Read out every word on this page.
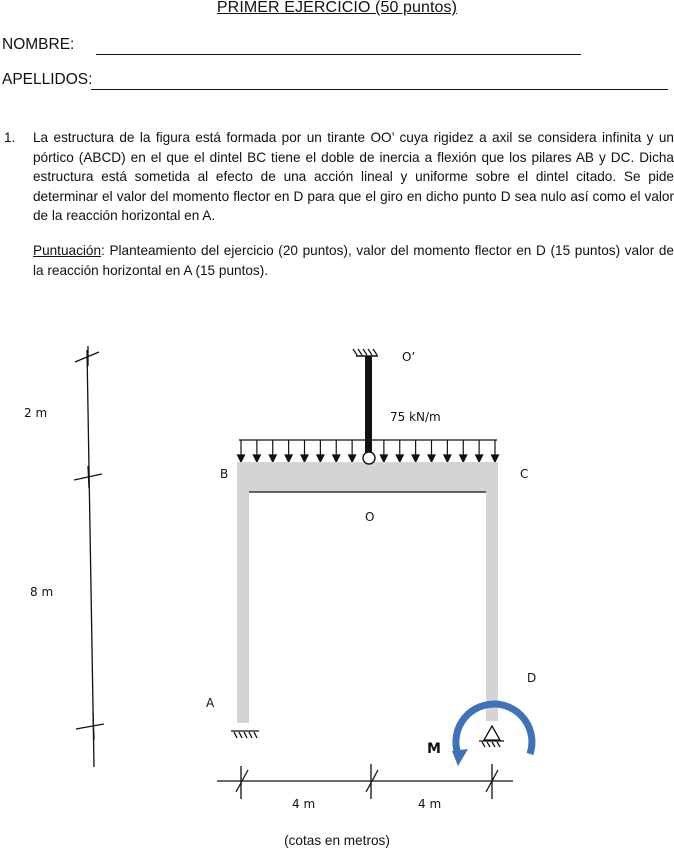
PRIMER EJERCICIO (50 puntos)
NOMBRE:
APELLIDOS:
1. La estructura de la figura está formada por un tirante OO’ cuya rigidez a axil se considera infinita y un pórtico (ABCD) en el que el dintel BC tiene el doble de inercia a flexión que los pilares AB y DC. Dicha estructura está sometida al efecto de una acción lineal y uniforme sobre el dintel citado. Se pide determinar el valor del momento flector en D para que el giro en dicho punto D sea nulo así como el valor de la reacción horizontal en A.
Puntuación: Planteamiento del ejercicio (20 puntos), valor del momento flector en D (15 puntos) valor de la reacción horizontal en A (15 puntos).
2 m
8 m
O’
75 kN/m
B	C
O
A
D
M
4 m	4 m
(cotas en metros)
